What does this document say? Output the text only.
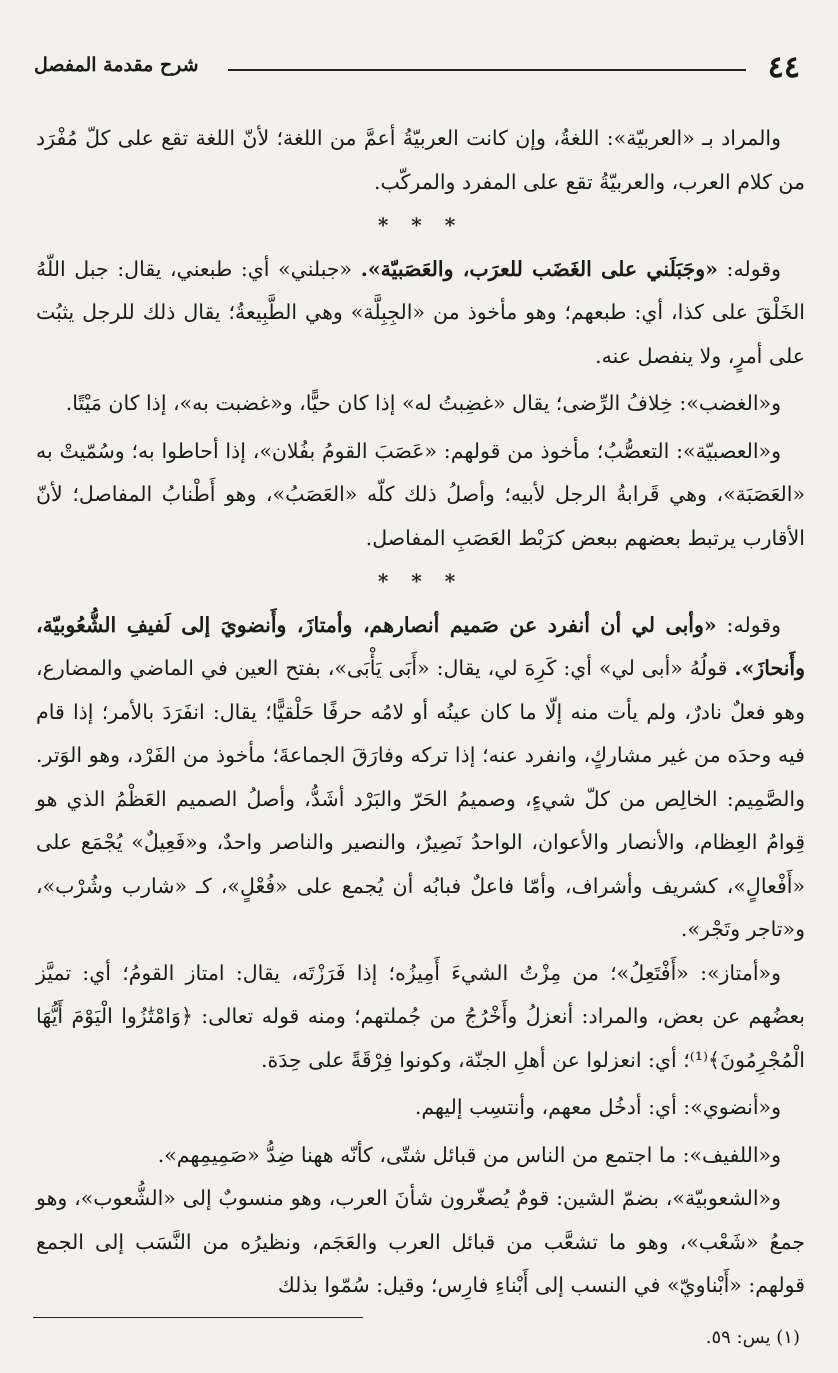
٤٤
شرح مقدمة المفصل

والمراد بـ «العربيّة»: اللغةُ، وإن كانت العربيّةُ أعمَّ من اللغة؛ لأنّ اللغة تقع على كلّ مُفْرَد من كلام العرب، والعربيّةُ تقع على المفرد والمركّب.

* * *

وقوله: «وجَبَلَني على الغَضَب للعرَب، والعَصَبيّة». «جبلني» أي: طبعني، يقال: جبل اللّهُ الخَلْقَ على كذا، أي: طبعهم؛ وهو مأخوذ من «الجِبِلَّة» وهي الطَّبِيعةُ؛ يقال ذلك للرجل يثبُت على أمرٍ، ولا ينفصل عنه.

و«الغضب»: خِلافُ الرِّضى؛ يقال «غضِبتُ له» إذا كان حيًّا، و«غضبت به»، إذا كان مَيْتًا.

و«العصبيّة»: التعصُّبُ؛ مأخوذ من قولهم: «عَصَبَ القومُ بفُلان»، إذا أحاطوا به؛ وسُمّيتْ به «العَصَبَة»، وهي قَرابةُ الرجل لأبيه؛ وأصلُ ذلك كلّه «العَصَبُ»، وهو أَطْنابُ المفاصل؛ لأنّ الأقارب يرتبط بعضهم ببعض كرَبْط العَصَبِ المفاصل.

* * *

وقوله: «وأبى لي أن أنفرد عن صَميم أنصارهم، وأمتازَ، وأَنضويَ إلى لَفيفِ الشُّعُوبيّة، وأَنحازَ». قولُهُ «أبى لي» أي: كَرِهَ لي، يقال: «أَبَى يَأْبَى»، بفتح العين في الماضي والمضارع، وهو فعلٌ نادرٌ، ولم يأت منه إلّا ما كان عينُه أو لامُه حرفًا حَلْقيًّا؛ يقال: انفَرَدَ بالأمر؛ إذا قام فيه وحدَه من غير مشاركٍ، وانفرد عنه؛ إذا تركه وفارَقَ الجماعةَ؛ مأخوذ من الفَرْد، وهو الوَتر. والصَّمِيم: الخالِص من كلّ شيءٍ، وصميمُ الحَرّ والبَرْد أشَدُّ، وأصلُ الصميم العَظْمُ الذي هو قِوامُ العِظام، والأنصار والأعوان، الواحدُ نَصِيرٌ، والنصير والناصر واحدٌ، و«فَعِيلٌ» يُجْمَع على «أَفْعالٍ»، كشريف وأشراف، وأمّا فاعلٌ فبابُه أن يُجمع على «فُعْلٍ»، كـ «شارب وشُرْب»، و«تاجر وتَجْر».

و«أمتاز»: «أَفْتَعِلُ»؛ من مِزْتُ الشيءَ أَمِيزُه؛ إذا فَرَزْتَه، يقال: امتاز القومُ؛ أي: تميَّز بعضُهم عن بعض، والمراد: أنعزلُ وأَخْرُجُ من جُملتهم؛ ومنه قوله تعالى: ﴿وَامْتَٰزُوا الْيَوْمَ أَيُّهَا الْمُجْرِمُونَ﴾⁽¹⁾؛ أي: انعزلوا عن أهلِ الجنّة، وكونوا فِرْقَةً على حِدَة.

و«أنضوي»: أي: أدخُل معهم، وأنتسِب إليهم.

و«اللفيف»: ما اجتمع من الناس من قبائل شتّى، كأنّه ههنا ضِدُّ «صَمِيمِهم».

و«الشعوبيّة»، بضمّ الشين: قومٌ يُصغّرون شأنَ العرب، وهو منسوبٌ إلى «الشُّعوب»، وهو جمعُ «شَعْب»، وهو ما تشعَّب من قبائل العرب والعَجَم، ونظيرُه من النَّسَب إلى الجمع قولهم: «أَبْناويّ» في النسب إلى أَبْناءِ فارِس؛ وقيل: سُمّوا بذلك

(١) يس: ٥٩.
